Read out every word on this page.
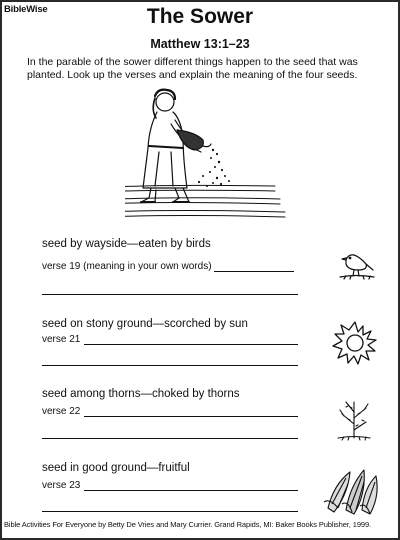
BibleWise	The Sower
Matthew 13:1–23
In the parable of the sower different things happen to the seed that was planted. Look up the verses and explain the meaning of the four seeds.
seed by wayside—eaten by birds
verse 19 (meaning in your own words)
seed on stony ground—scorched by sun
verse 21
seed among thorns—choked by thorns
verse 22
seed in good ground—fruitful
verse 23
Bible Activities For Everyone by Betty De Vries and Mary Currier. Grand Rapids, MI: Baker Books Publisher, 1999.
